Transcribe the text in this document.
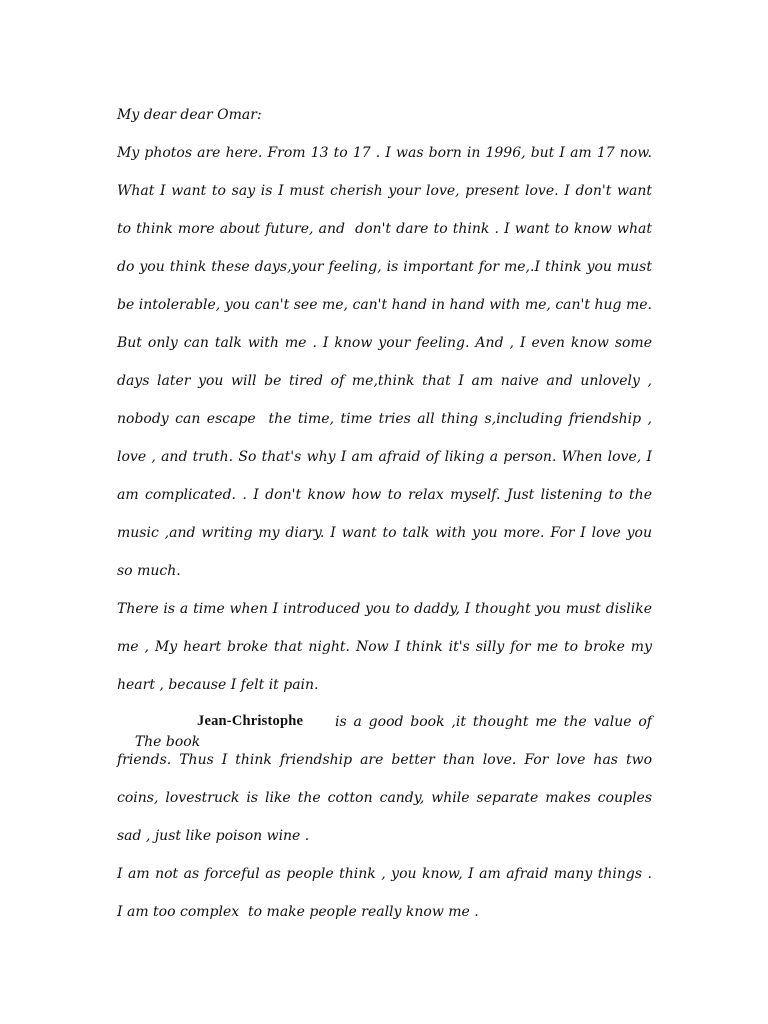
My dear dear Omar:
My photos are here. From 13 to 17 . I was born in 1996, but I am 17 now.
What I want to say is I must cherish your love, present love. I don't want
to think more about future, and  don't dare to think . I want to know what
do you think these days,your feeling, is important for me,.I think you must
be intolerable, you can't see me, can't hand in hand with me, can't hug me.
But only can talk with me . I know your feeling. And , I even know some
days later you will be tired of me,think that I am naive and unlovely ,
nobody can escape  the time, time tries all thing s,including friendship ,
love , and truth. So that's why I am afraid of liking a person. When love, I
am complicated. . I don't know how to relax myself. Just listening to the
music ,and writing my diary. I want to talk with you more. For I love you
so much.
There is a time when I introduced you to daddy, I thought you must dislike
me , My heart broke that night. Now I think it's silly for me to broke my
heart , because I felt it pain.

The book

Jean-Christophe is a good book ,it thought me the value of
friends. Thus I think friendship are better than love. For love has two
coins, lovestruck is like the cotton candy, while separate makes couples
sad , just like poison wine .
I am not as forceful as people think , you know, I am afraid many things .
I am too complex  to make people really know me .
